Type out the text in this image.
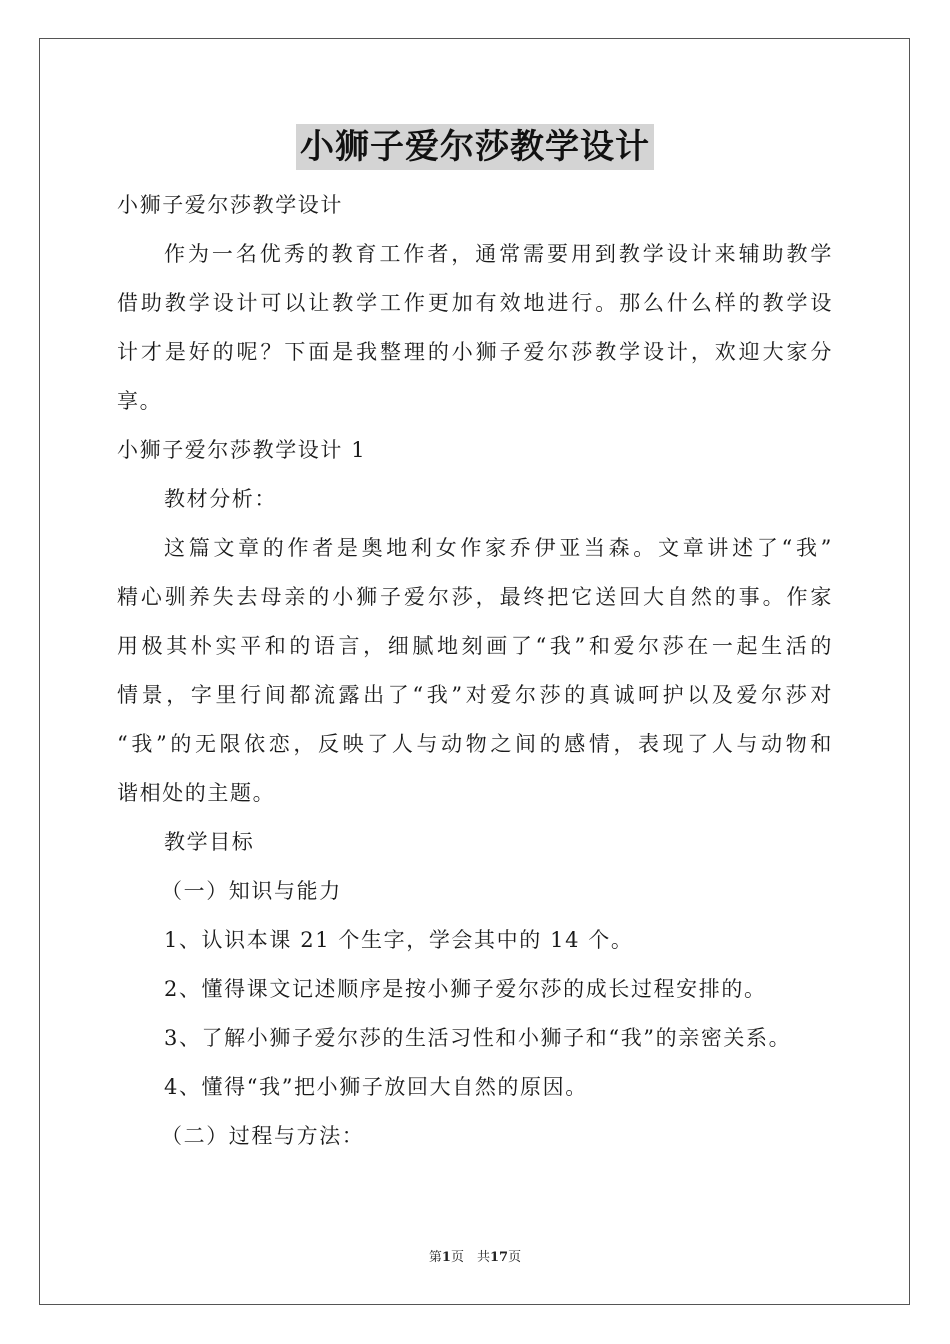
小狮子爱尔莎教学设计

小狮子爱尔莎教学设计

作为一名优秀的教育工作者，通常需要用到教学设计来辅助教学

借助教学设计可以让教学工作更加有效地进行。那么什么样的教学设

计才是好的呢？下面是我整理的小狮子爱尔莎教学设计，欢迎大家分

享。

小狮子爱尔莎教学设计 1

教材分析：

这篇文章的作者是奥地利女作家乔伊亚当森。文章讲述了“我”

精心驯养失去母亲的小狮子爱尔莎，最终把它送回大自然的事。作家

用极其朴实平和的语言，细腻地刻画了“我”和爱尔莎在一起生活的

情景，字里行间都流露出了“我”对爱尔莎的真诚呵护以及爱尔莎对

“我”的无限依恋，反映了人与动物之间的感情，表现了人与动物和

谐相处的主题。

教学目标

（一）知识与能力

1、认识本课 21 个生字，学会其中的 14 个。

2、懂得课文记述顺序是按小狮子爱尔莎的成长过程安排的。

3、了解小狮子爱尔莎的生活习性和小狮子和“我”的亲密关系。

4、懂得“我”把小狮子放回大自然的原因。

（二）过程与方法：

第1页　共17页
